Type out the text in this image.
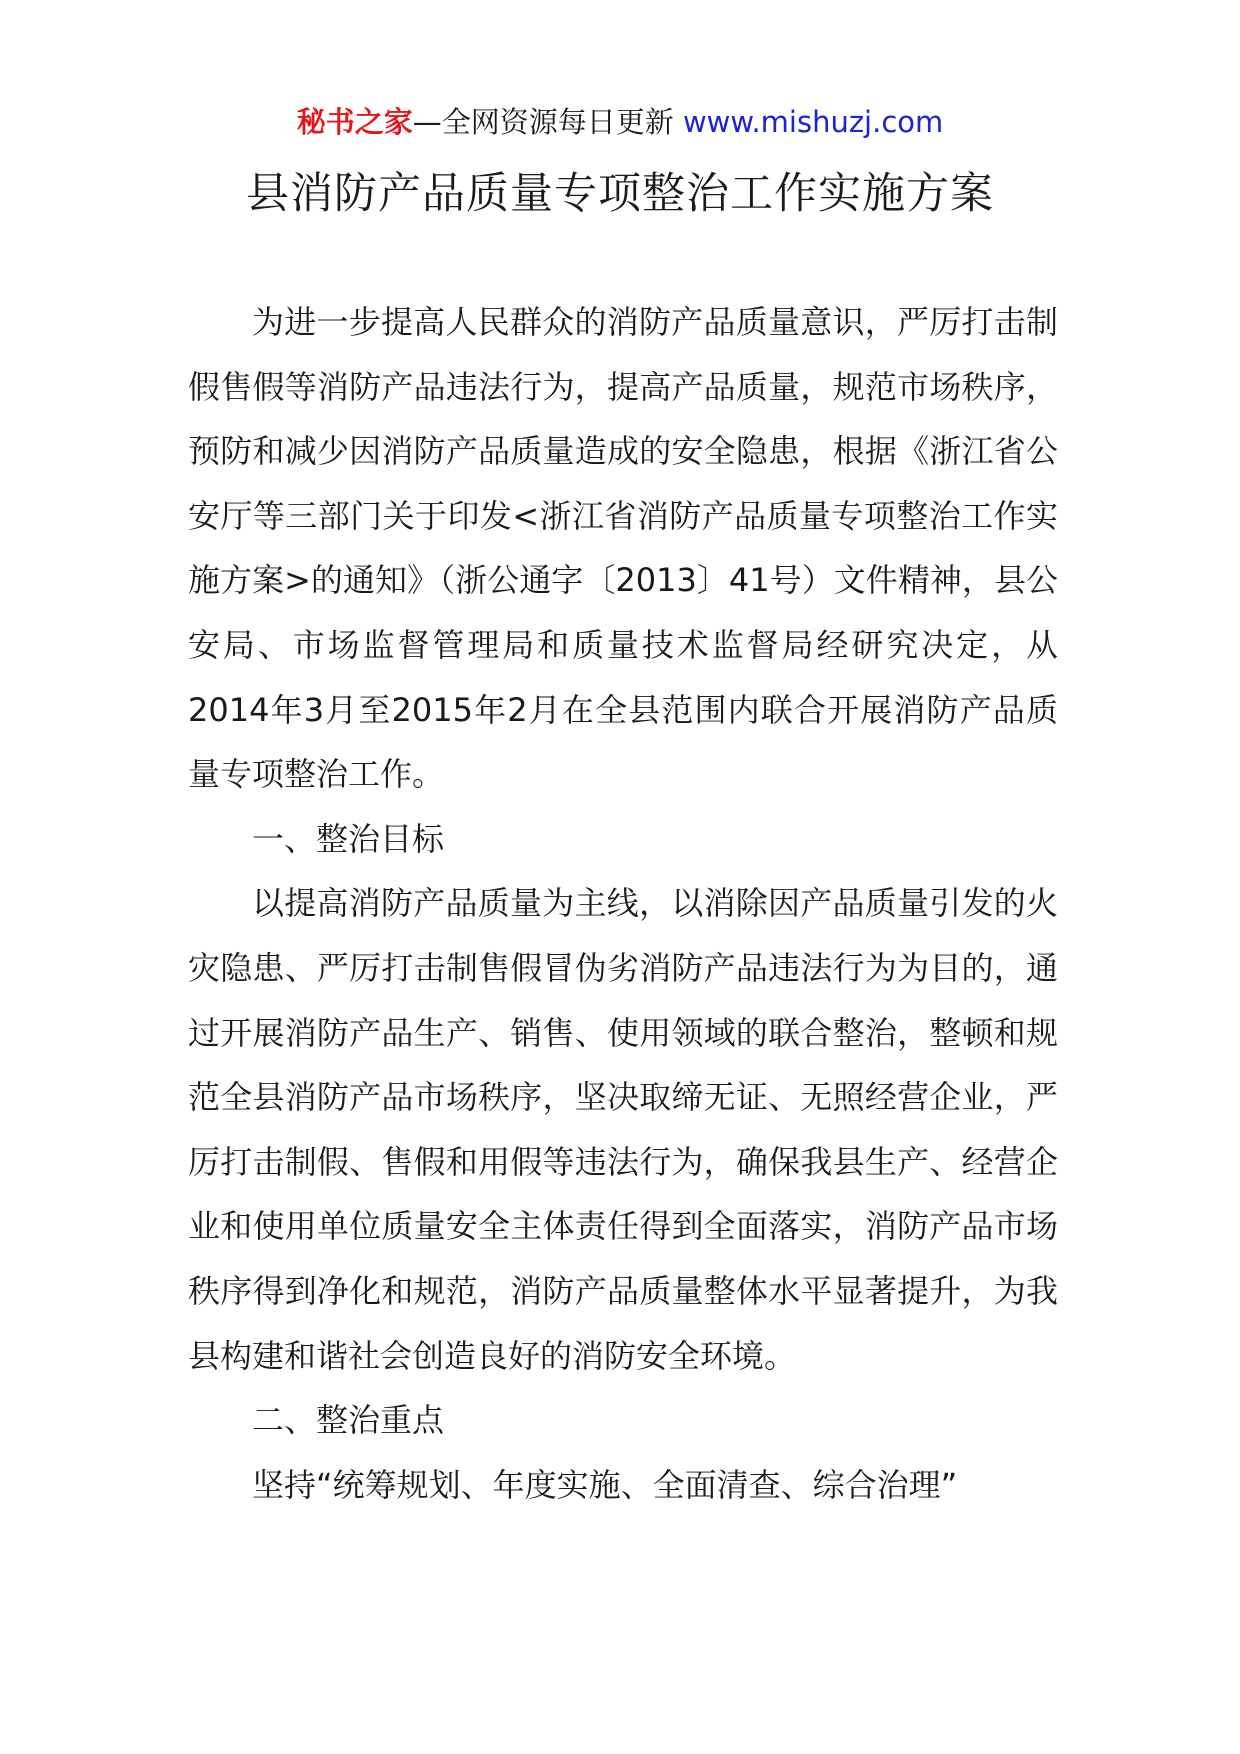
秘书之家—全网资源每日更新 www.mishuzj.com
县消防产品质量专项整治工作实施方案

为进一步提高人民群众的消防产品质量意识，严厉打击制假售假等消防产品违法行为，提高产品质量，规范市场秩序，预防和减少因消防产品质量造成的安全隐患，根据《浙江省公安厅等三部门关于印发<浙江省消防产品质量专项整治工作实施方案>的通知》（浙公通字〔2013〕41号）文件精神，县公安局、市场监督管理局和质量技术监督局经研究决定，从2014年3月至2015年2月在全县范围内联合开展消防产品质量专项整治工作。

一、整治目标

以提高消防产品质量为主线，以消除因产品质量引发的火灾隐患、严厉打击制售假冒伪劣消防产品违法行为为目的，通过开展消防产品生产、销售、使用领域的联合整治，整顿和规范全县消防产品市场秩序，坚决取缔无证、无照经营企业，严厉打击制假、售假和用假等违法行为，确保我县生产、经营企业和使用单位质量安全主体责任得到全面落实，消防产品市场秩序得到净化和规范，消防产品质量整体水平显著提升，为我县构建和谐社会创造良好的消防安全环境。

二、整治重点

坚持“统筹规划、年度实施、全面清查、综合治理”
